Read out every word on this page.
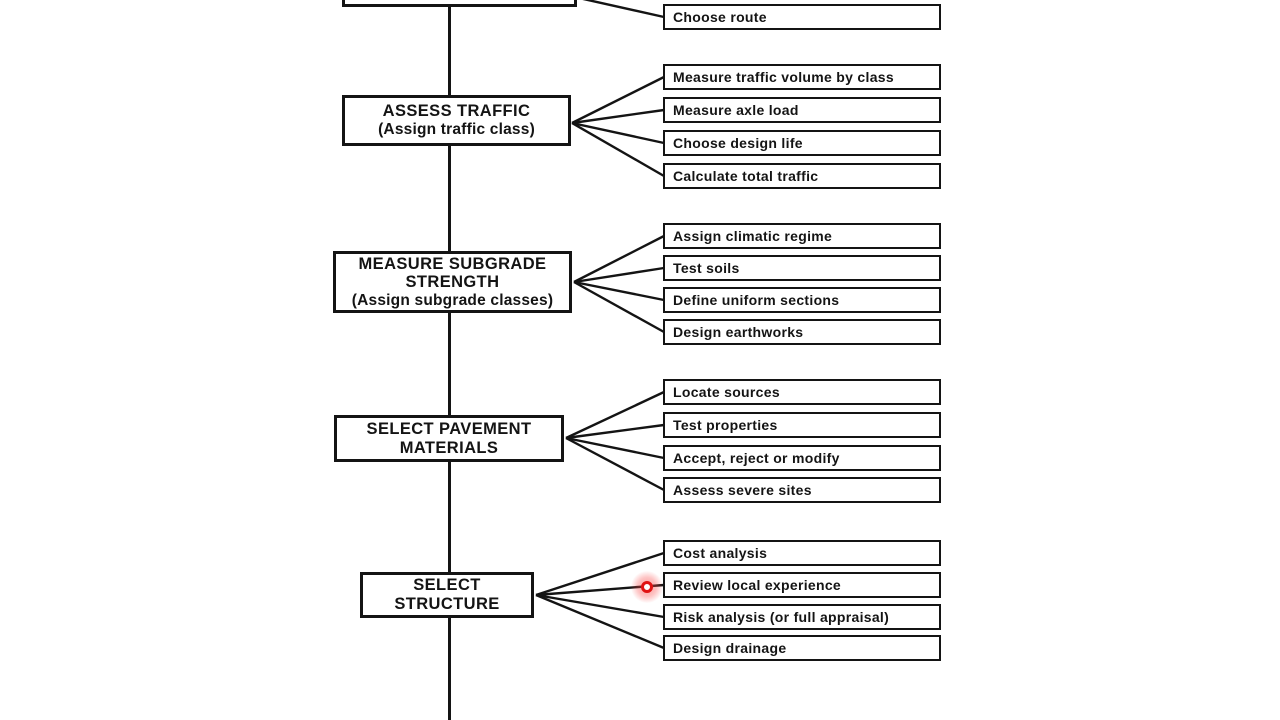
ASSESS TRAFFIC
(Assign traffic class)
MEASURE SUBGRADE
STRENGTH
(Assign subgrade classes)
SELECT PAVEMENT
MATERIALS
SELECT
STRUCTURE
Choose route
Measure traffic volume by class
Measure axle load
Choose design life
Calculate total traffic
Assign climatic regime
Test soils
Define uniform sections
Design earthworks
Locate sources
Test properties
Accept, reject or modify
Assess severe sites
Cost analysis
Review local experience
Risk analysis (or full appraisal)
Design drainage
